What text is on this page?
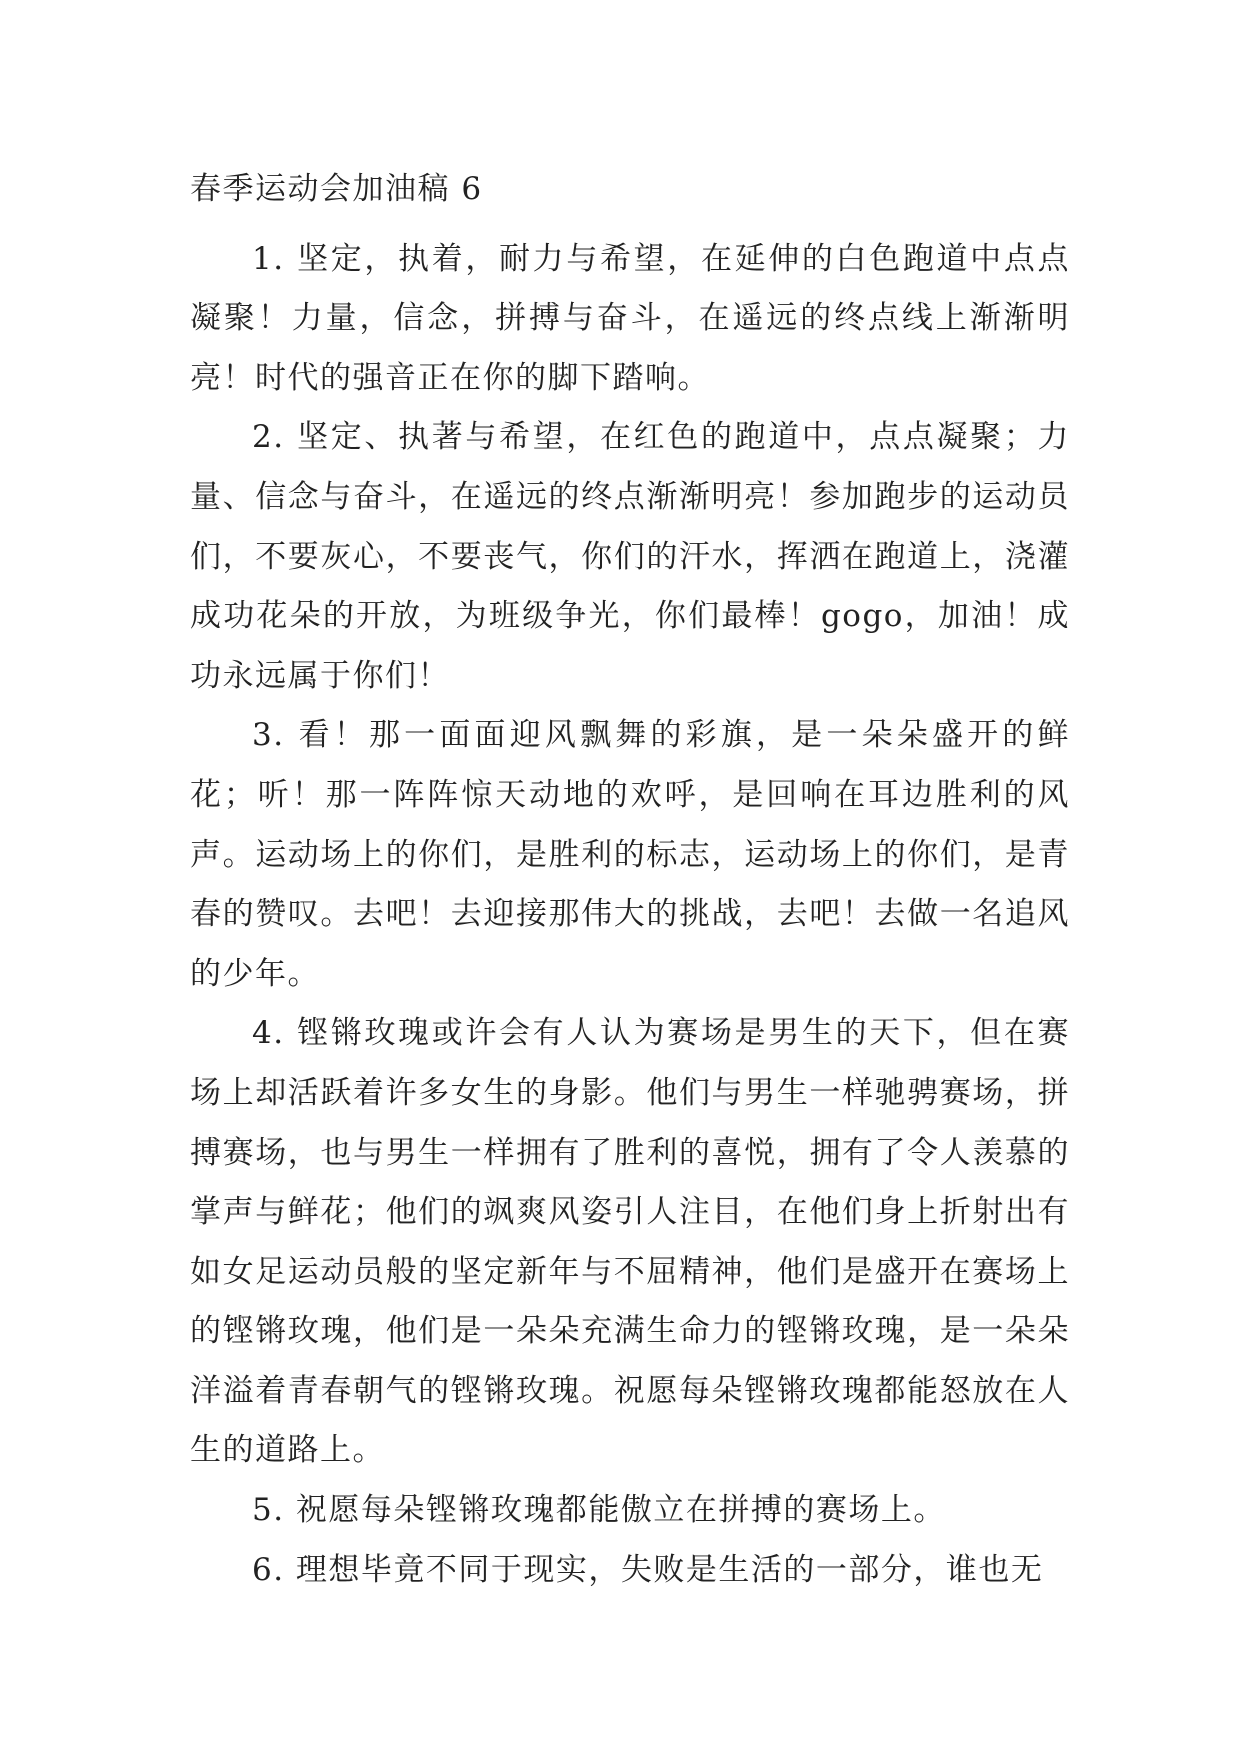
春季运动会加油稿 6

1. 坚定，执着，耐力与希望，在延伸的白色跑道中点点凝聚！力量，信念，拼搏与奋斗，在遥远的终点线上渐渐明亮！时代的强音正在你的脚下踏响。

2. 坚定、执著与希望，在红色的跑道中，点点凝聚；力量、信念与奋斗，在遥远的终点渐渐明亮！参加跑步的运动员们，不要灰心，不要丧气，你们的汗水，挥洒在跑道上，浇灌成功花朵的开放，为班级争光，你们最棒！gogo，加油！成功永远属于你们！

3. 看！那一面面迎风飘舞的彩旗，是一朵朵盛开的鲜花；听！那一阵阵惊天动地的欢呼，是回响在耳边胜利的风声。运动场上的你们，是胜利的标志，运动场上的你们，是青春的赞叹。去吧！去迎接那伟大的挑战，去吧！去做一名追风的少年。

4. 铿锵玫瑰或许会有人认为赛场是男生的天下，但在赛场上却活跃着许多女生的身影。他们与男生一样驰骋赛场，拼搏赛场，也与男生一样拥有了胜利的喜悦，拥有了令人羡慕的掌声与鲜花；他们的飒爽风姿引人注目，在他们身上折射出有如女足运动员般的坚定新年与不屈精神，他们是盛开在赛场上的铿锵玫瑰，他们是一朵朵充满生命力的铿锵玫瑰，是一朵朵洋溢着青春朝气的铿锵玫瑰。祝愿每朵铿锵玫瑰都能怒放在人生的道路上。

5. 祝愿每朵铿锵玫瑰都能傲立在拼搏的赛场上。

6. 理想毕竟不同于现实，失败是生活的一部分，谁也无
